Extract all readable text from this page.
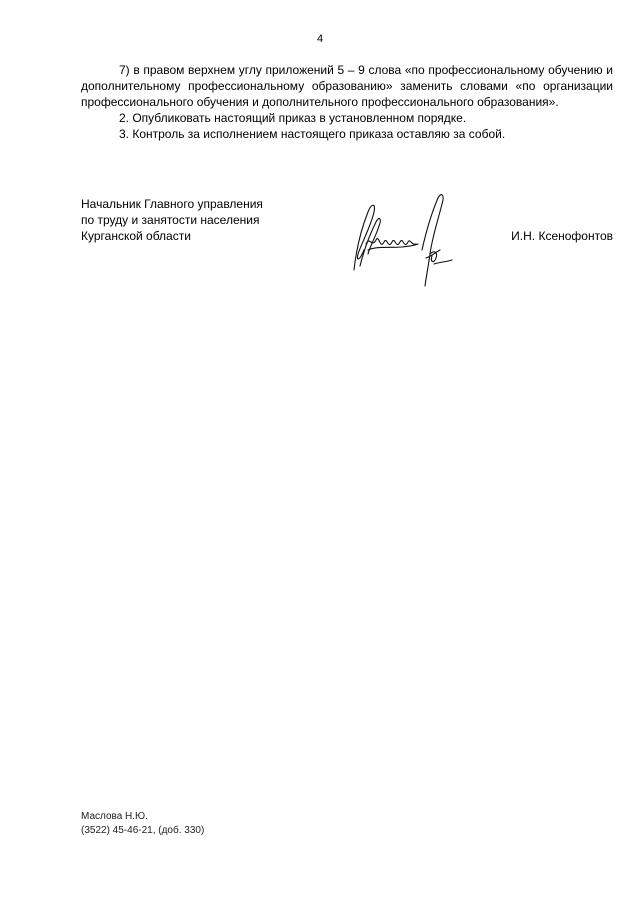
4

7) в правом верхнем углу приложений 5 – 9 слова «по профессиональному обучению и дополнительному профессиональному образованию» заменить словами «по организации профессионального обучения и дополнительного профессионального образования».

2. Опубликовать настоящий приказ в установленном порядке.

3. Контроль за исполнением настоящего приказа оставляю за собой.

Начальник Главного управления
по труду и занятости населения
Курганской области	И.Н. Ксенофонтов
Маслова Н.Ю.
(3522) 45-46-21, (доб. 330)
